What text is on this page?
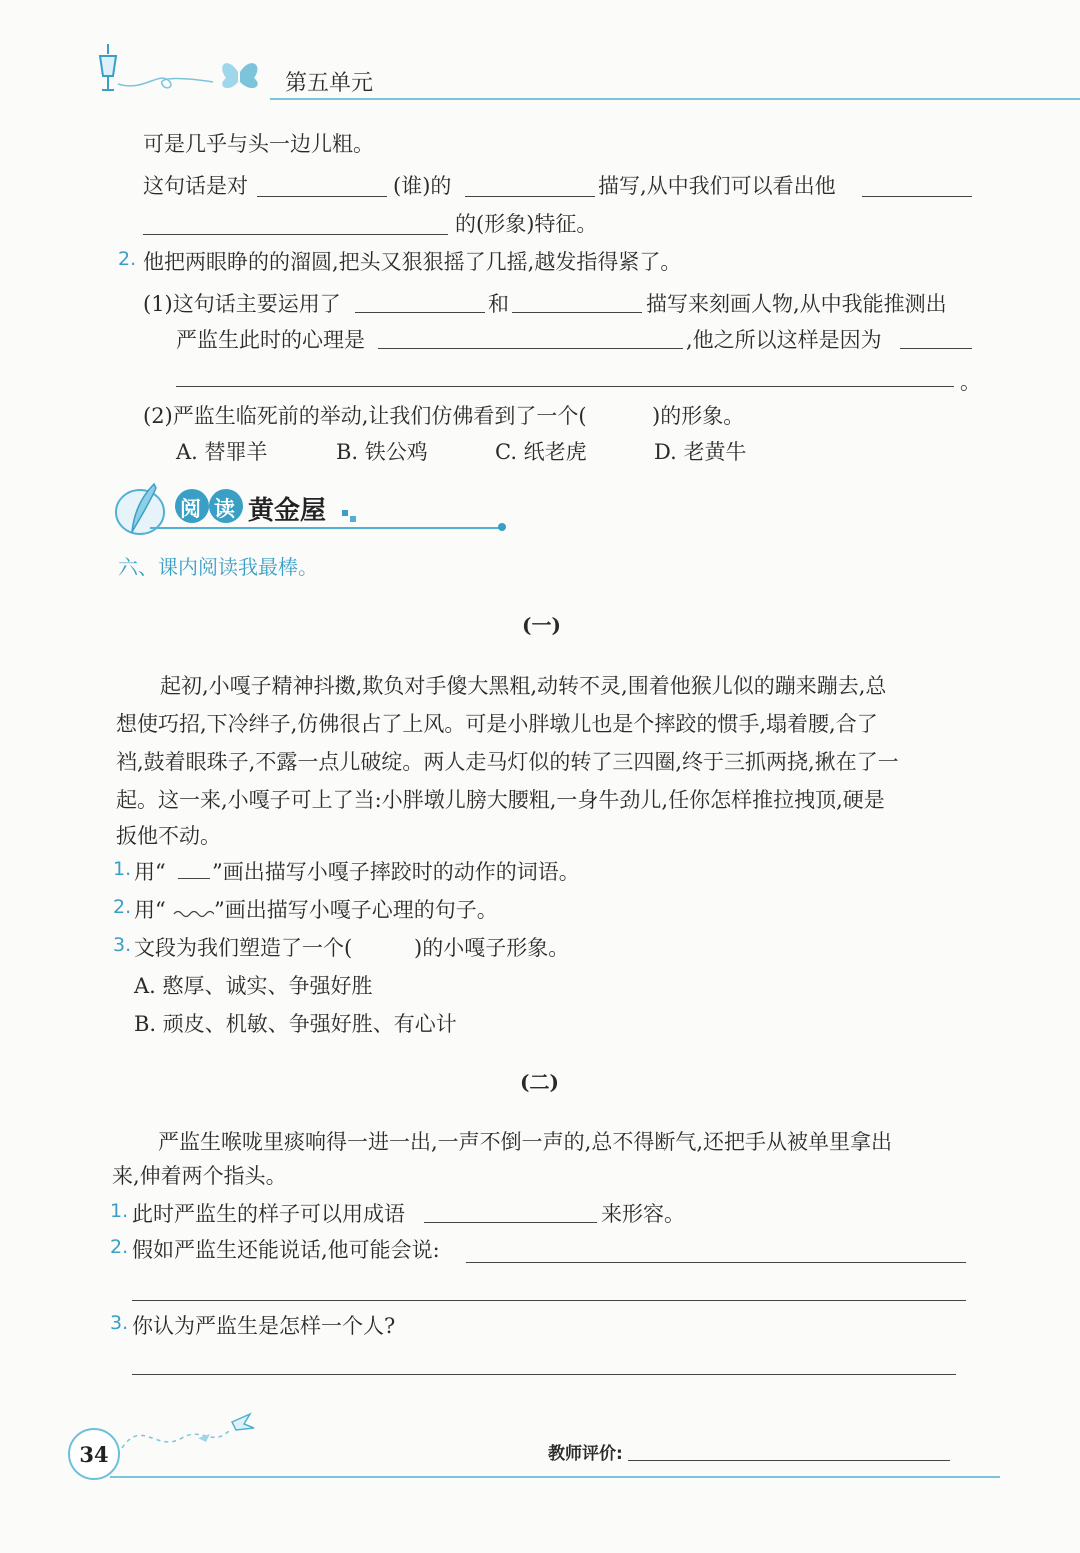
第五单元
可是几乎与头一边儿粗。
这句话是对	(谁)的	描写,从中我们可以看出他
的(形象)特征。
2. 他把两眼睁的的溜圆,把头又狠狠摇了几摇,越发指得紧了。
(1)这句话主要运用了	和	描写来刻画人物,从中我能推测出
严监生此时的心理是	,他之所以这样是因为
。
(2)严监生临死前的举动,让我们仿佛看到了一个(	)的形象。
A. 替罪羊	B. 铁公鸡	C. 纸老虎	D. 老黄牛
阅 读 黄金屋
六、课内阅读我最棒。
(一)
起初,小嘎子精神抖擞,欺负对手傻大黑粗,动转不灵,围着他猴儿似的蹦来蹦去,总
想使巧招,下冷绊子,仿佛很占了上风。可是小胖墩儿也是个摔跤的惯手,塌着腰,合了
裆,鼓着眼珠子,不露一点儿破绽。两人走马灯似的转了三四圈,终于三抓两挠,揪在了一
起。这一来,小嘎子可上了当:小胖墩儿膀大腰粗,一身牛劲儿,任你怎样推拉拽顶,硬是
扳他不动。
1. 用“ ”画出描写小嘎子摔跤时的动作的词语。
2. 用“ ”画出描写小嘎子心理的句子。
3. 文段为我们塑造了一个(	)的小嘎子形象。
A. 憨厚、诚实、争强好胜
B. 顽皮、机敏、争强好胜、有心计
(二)
严监生喉咙里痰响得一进一出,一声不倒一声的,总不得断气,还把手从被单里拿出
来,伸着两个指头。
1. 此时严监生的样子可以用成语	来形容。
2. 假如严监生还能说话,他可能会说:
3. 你认为严监生是怎样一个人?
34	教师评价:
